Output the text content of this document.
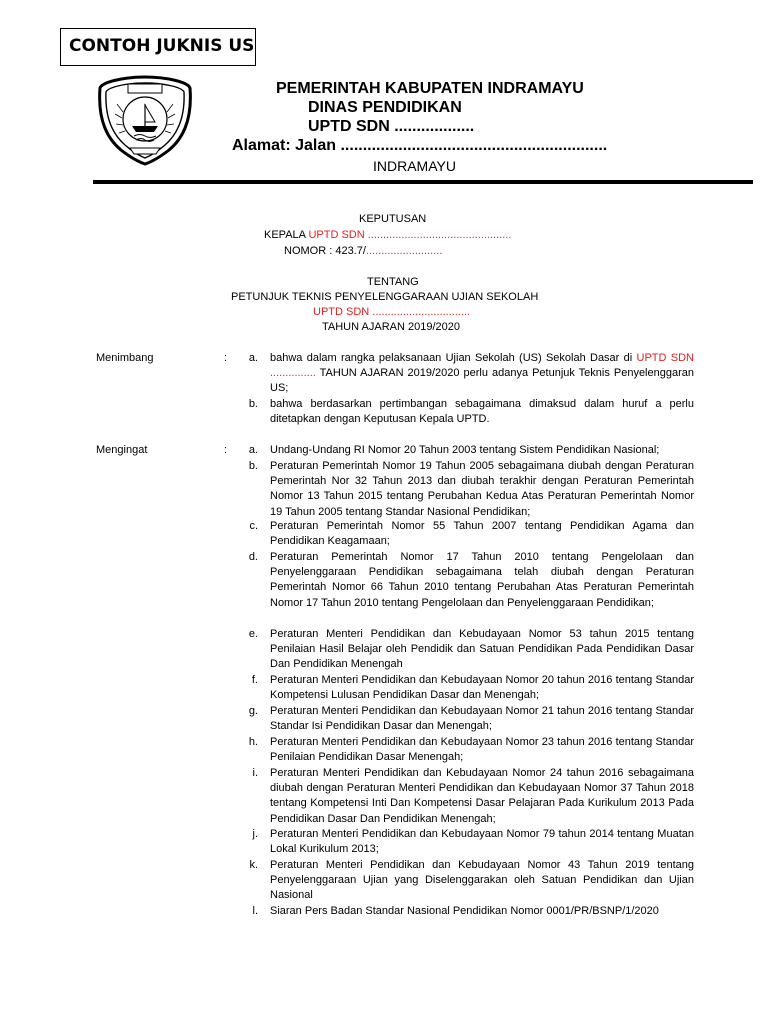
CONTOH JUKNIS US
PEMERINTAH KABUPATEN INDRAMAYU
DINAS PENDIDIKAN
UPTD SDN ..................
Alamat: Jalan ............................................................
INDRAMAYU
KEPUTUSAN
KEPALA UPTD SDN ...............................................
NOMOR : 423.7/.........................
TENTANG
PETUNJUK TEKNIS PENYELENGGARAAN UJIAN SEKOLAH
UPTD SDN ................................
TAHUN AJARAN 2019/2020
Menimbang	:	a. bahwa dalam rangka pelaksanaan Ujian Sekolah (US) Sekolah Dasar di UPTD SDN ............... TAHUN AJARAN 2019/2020 perlu adanya Petunjuk Teknis Penyelenggaran US;
b. bahwa berdasarkan pertimbangan sebagaimana dimaksud dalam huruf a perlu ditetapkan dengan Keputusan Kepala UPTD.
Mengingat	:	a. Undang-Undang RI Nomor 20 Tahun 2003 tentang Sistem Pendidikan Nasional;
b. Peraturan Pemerintah Nomor 19 Tahun 2005 sebagaimana diubah dengan Peraturan Pemerintah Nor 32 Tahun 2013 dan diubah terakhir dengan Peraturan Pemerintah Nomor 13 Tahun 2015 tentang Perubahan Kedua Atas Peraturan Pemerintah Nomor 19 Tahun 2005 tentang Standar Nasional Pendidikan;
c. Peraturan Pemerintah Nomor 55 Tahun 2007 tentang Pendidikan Agama dan Pendidikan Keagamaan;
d. Peraturan Pemerintah Nomor 17 Tahun 2010 tentang Pengelolaan dan Penyelenggaraan Pendidikan sebagaimana telah diubah dengan Peraturan Pemerintah Nomor 66 Tahun 2010 tentang Perubahan Atas Peraturan Pemerintah Nomor 17 Tahun 2010 tentang Pengelolaan dan Penyelenggaraan Pendidikan;
e. Peraturan Menteri Pendidikan dan Kebudayaan Nomor 53 tahun 2015 tentang Penilaian Hasil Belajar oleh Pendidik dan Satuan Pendidikan Pada Pendidikan Dasar Dan Pendidikan Menengah
f. Peraturan Menteri Pendidikan dan Kebudayaan Nomor 20 tahun 2016 tentang Standar Kompetensi Lulusan Pendidikan Dasar dan Menengah;
g. Peraturan Menteri Pendidikan dan Kebudayaan Nomor 21 tahun 2016 tentang Standar Standar Isi Pendidikan Dasar dan Menengah;
h. Peraturan Menteri Pendidikan dan Kebudayaan Nomor 23 tahun 2016 tentang Standar Penilaian Pendidikan Dasar Menengah;
i. Peraturan Menteri Pendidikan dan Kebudayaan Nomor 24 tahun 2016 sebagaimana diubah dengan Peraturan Menteri Pendidikan dan Kebudayaan Nomor 37 Tahun 2018 tentang Kompetensi Inti Dan Kompetensi Dasar Pelajaran Pada Kurikulum 2013 Pada Pendidikan Dasar Dan Pendidikan Menengah;
j. Peraturan Menteri Pendidikan dan Kebudayaan Nomor 79 tahun 2014 tentang Muatan Lokal Kurikulum 2013;
k. Peraturan Menteri Pendidikan dan Kebudayaan Nomor 43 Tahun 2019 tentang Penyelenggaraan Ujian yang Diselenggarakan oleh Satuan Pendidikan dan Ujian Nasional
l. Siaran Pers Badan Standar Nasional Pendidikan Nomor 0001/PR/BSNP/1/2020
